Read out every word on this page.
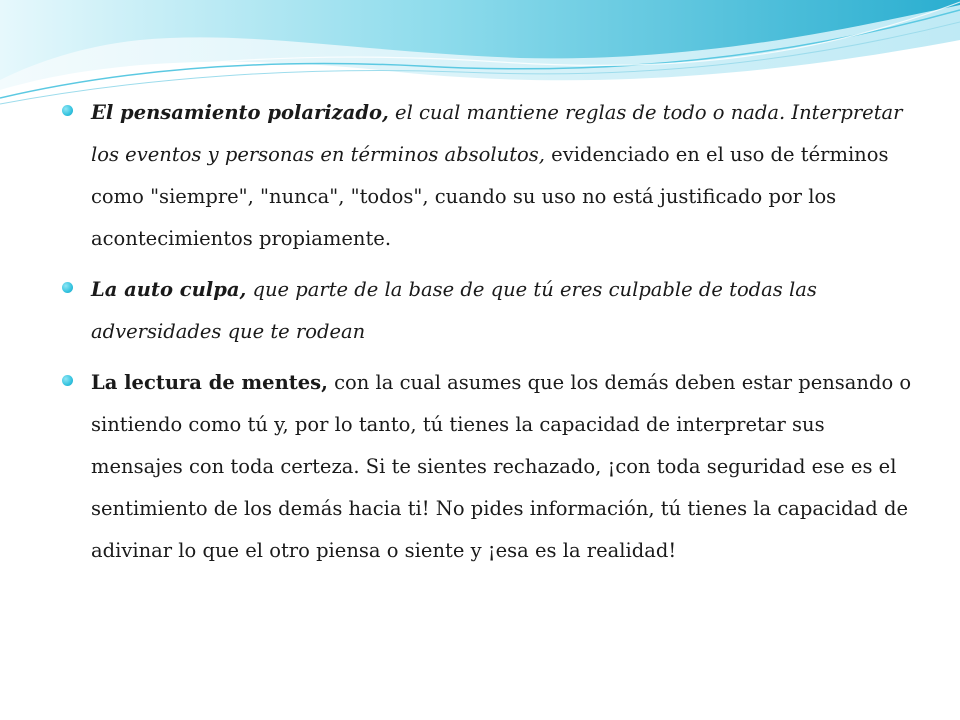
El pensamiento polarizado, el cual mantiene reglas de todo o nada. Interpretar los eventos y personas en términos absolutos, evidenciado en el uso de términos como "siempre", "nunca", "todos", cuando su uso no está justificado por los acontecimientos propiamente.
La auto culpa, que parte de la base de que tú eres culpable de todas las adversidades que te rodean
La lectura de mentes, con la cual asumes que los demás deben estar pensando o sintiendo como tú y, por lo tanto, tú tienes la capacidad de interpretar sus mensajes con toda certeza. Si te sientes rechazado, ¡con toda seguridad ese es el sentimiento de los demás hacia ti! No pides información, tú tienes la capacidad de adivinar lo que el otro piensa o siente y ¡esa es la realidad!
